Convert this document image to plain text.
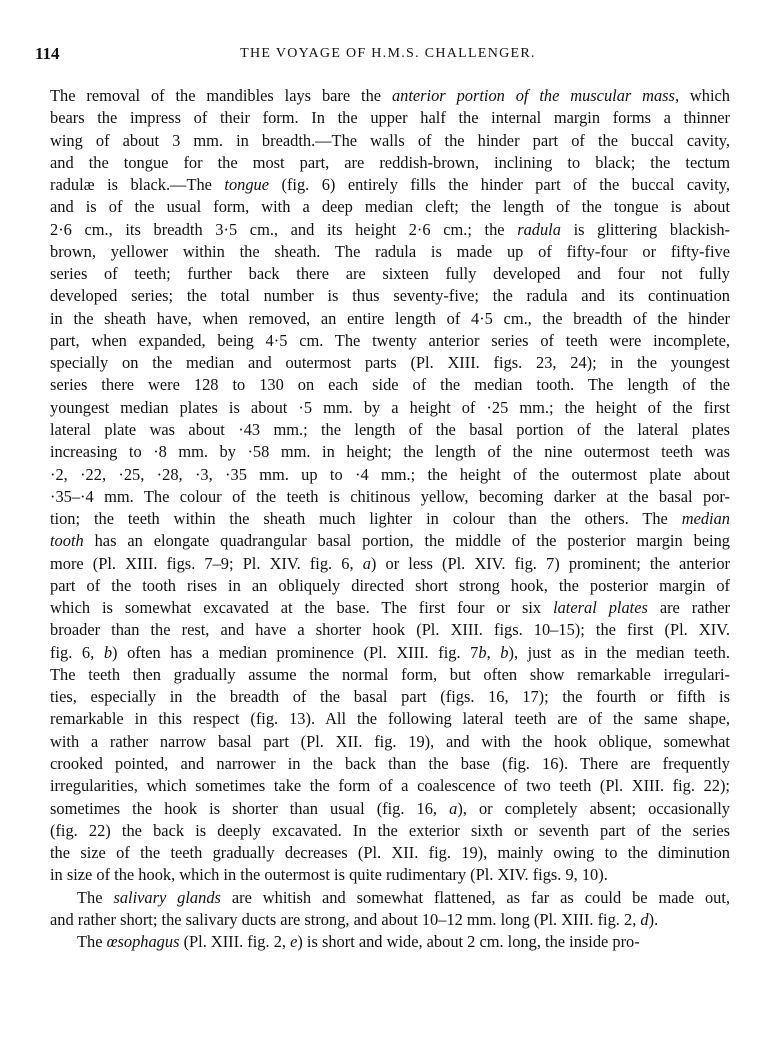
114	THE VOYAGE OF H.M.S. CHALLENGER.
The removal of the mandibles lays bare the anterior portion of the muscular mass, which
bears the impress of their form. In the upper half the internal margin forms a thinner
wing of about 3 mm. in breadth.—The walls of the hinder part of the buccal cavity,
and the tongue for the most part, are reddish-brown, inclining to black; the tectum
radulæ is black.—The tongue (fig. 6) entirely fills the hinder part of the buccal cavity,
and is of the usual form, with a deep median cleft; the length of the tongue is about
2·6 cm., its breadth 3·5 cm., and its height 2·6 cm.; the radula is glittering blackish-
brown, yellower within the sheath. The radula is made up of fifty-four or fifty-five
series of teeth; further back there are sixteen fully developed and four not fully
developed series; the total number is thus seventy-five; the radula and its continuation
in the sheath have, when removed, an entire length of 4·5 cm., the breadth of the hinder
part, when expanded, being 4·5 cm. The twenty anterior series of teeth were incomplete,
specially on the median and outermost parts (Pl. XIII. figs. 23, 24); in the youngest
series there were 128 to 130 on each side of the median tooth. The length of the
youngest median plates is about ·5 mm. by a height of ·25 mm.; the height of the first
lateral plate was about ·43 mm.; the length of the basal portion of the lateral plates
increasing to ·8 mm. by ·58 mm. in height; the length of the nine outermost teeth was
·2, ·22, ·25, ·28, ·3, ·35 mm. up to ·4 mm.; the height of the outermost plate about
·35–·4 mm. The colour of the teeth is chitinous yellow, becoming darker at the basal por-
tion; the teeth within the sheath much lighter in colour than the others. The median
tooth has an elongate quadrangular basal portion, the middle of the posterior margin being
more (Pl. XIII. figs. 7–9; Pl. XIV. fig. 6, a) or less (Pl. XIV. fig. 7) prominent; the anterior
part of the tooth rises in an obliquely directed short strong hook, the posterior margin of
which is somewhat excavated at the base. The first four or six lateral plates are rather
broader than the rest, and have a shorter hook (Pl. XIII. figs. 10–15); the first (Pl. XIV.
fig. 6, b) often has a median prominence (Pl. XIII. fig. 7b, b), just as in the median teeth.
The teeth then gradually assume the normal form, but often show remarkable irregulari-
ties, especially in the breadth of the basal part (figs. 16, 17); the fourth or fifth is
remarkable in this respect (fig. 13). All the following lateral teeth are of the same shape,
with a rather narrow basal part (Pl. XII. fig. 19), and with the hook oblique, somewhat
crooked pointed, and narrower in the back than the base (fig. 16). There are frequently
irregularities, which sometimes take the form of a coalescence of two teeth (Pl. XIII. fig. 22);
sometimes the hook is shorter than usual (fig. 16, a), or completely absent; occasionally
(fig. 22) the back is deeply excavated. In the exterior sixth or seventh part of the series
the size of the teeth gradually decreases (Pl. XII. fig. 19), mainly owing to the diminution
in size of the hook, which in the outermost is quite rudimentary (Pl. XIV. figs. 9, 10).
The salivary glands are whitish and somewhat flattened, as far as could be made out,
and rather short; the salivary ducts are strong, and about 10–12 mm. long (Pl. XIII. fig. 2, d).
The œsophagus (Pl. XIII. fig. 2, e) is short and wide, about 2 cm. long, the inside pro-
